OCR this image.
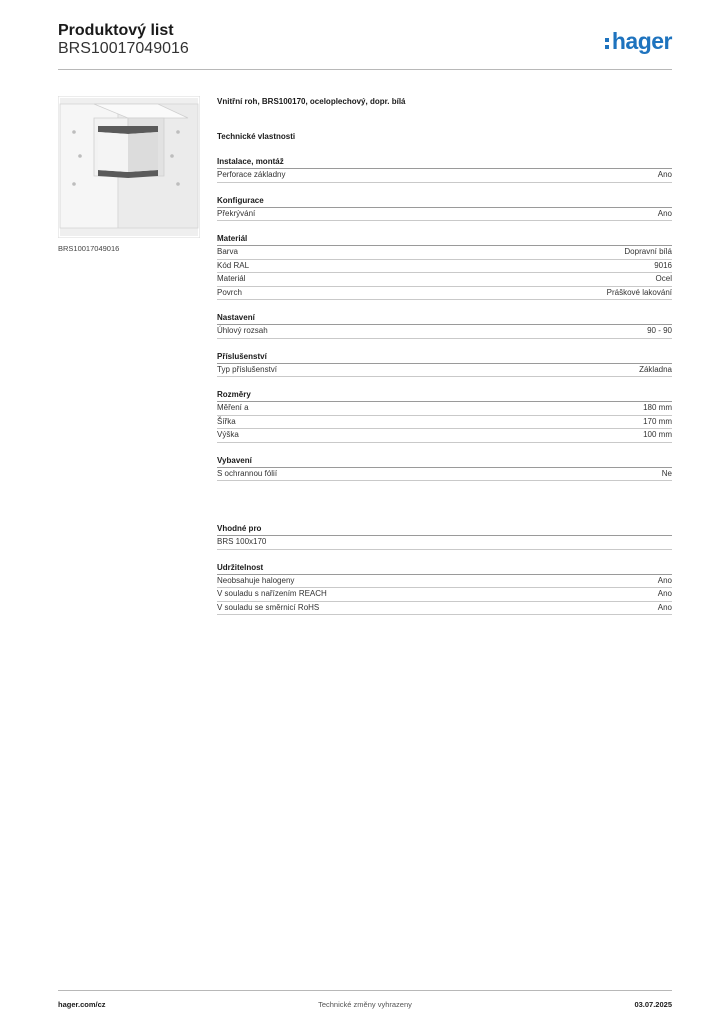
Produktový list
BRS10017049016	hager
BRS10017049016
Vnitřní roh, BRS100170, oceloplechový, dopr. bílá
Technické vlastnosti
Instalace, montáž
Perforace základny	Ano
Konfigurace
Překrývání	Ano
Materiál
Barva	Dopravní bílá
Kód RAL	9016
Materiál	Ocel
Povrch	Práškové lakování
Nastavení
Úhlový rozsah	90 - 90
Příslušenství
Typ příslušenství	Základna
Rozměry
Měření a	180 mm
Šířka	170 mm
Výška	100 mm
Vybavení
S ochrannou fólií	Ne
Vhodné pro
BRS 100x170
Udržitelnost
Neobsahuje halogeny	Ano
V souladu s nařízením REACH	Ano
V souladu se směrnicí RoHS	Ano
hager.com/cz	Technické změny vyhrazeny	03.07.2025
